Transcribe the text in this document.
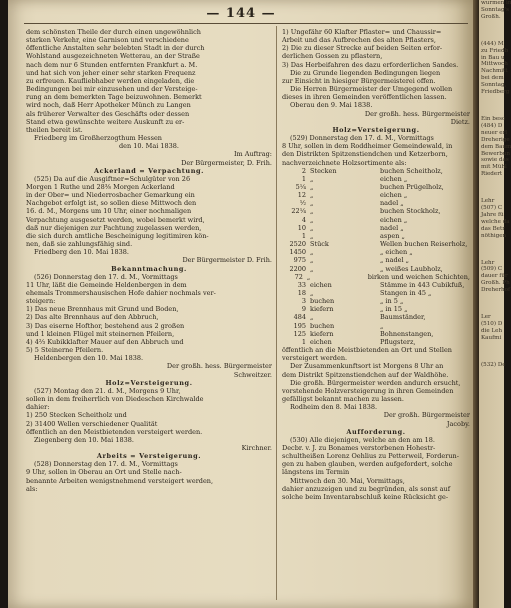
— 144 —
dem schönsten Theile der durch einen ungewöhnlich
starken Verkehr, eine Garnison und verschiedene
öffentliche Anstalten sehr belebten Stadt in der durch
Wohlstand ausgezeichneten Wetterau, an der Straße
nach dem nur 6 Stunden entfernten Frankfurt a. M.
und hat sich von jeher einer sehr starken Frequenz
zu erfreuen. Kaufliebhaber werden eingeladen, die
Bedingungen bei mir einzusehen und der Versteige-
rung an dem bemerkten Tage beizuwohnen. Bemerkt
wird noch, daß Herr Apotheker Münch zu Langen
als früherer Verwalter des Geschäfts oder dessen
Stand etwa gewünschte weitere Auskunft zu er-
theilen bereit ist.
Friedberg im Großherzogthum Hessen
den 10. Mai 1838.
Im Auftrag:
Der Bürgermeister, D. Frih.
Ackerland = Verpachtung.
(525) Da auf die Ausgiftner=Schulgüter von 26
Morgen 1 Ruthe und 28⅜ Morgen Ackerland
in der Ober= und Niederrosbacher Gemarkung ein
Nachgebot erfolgt ist, so sollen diese Mittwoch den
16. d. M., Morgens um 10 Uhr, einer nochmaligen
Verpachtung ausgesetzt werden, wobei bemerkt wird,
daß nur diejenigen zur Pachtung zugelassen werden,
die sich durch amtliche Bescheinigung legitimiren kön-
nen, daß sie zahlungsfähig sind.
Friedberg den 10. Mai 1838.
Der Bürgermeister D. Frih.
Bekanntmachung.
(526) Donnerstag den 17. d. M., Vormittags
11 Uhr, läßt die Gemeinde Heldenbergen in dem
ehemals Trommershausischen Hofe dahier nochmals ver-
steigern:
1) Das neue Brennhaus mit Grund und Boden,
2) Das alte Brennhaus auf den Abbruch,
3) Das eiserne Hofthor, bestehend aus 2 großen
und 1 kleinen Flügel mit steinernen Pfeilern,
4) 4⅔ Kubikklafter Mauer auf den Abbruch und
5) 5 Steinerne Pfeilern.
Heldenbergen den 10. Mai 1838.
Der großh. hess. Bürgermeister
Schweitzer.
Holz=Versteigerung.
(527) Montag den 21. d. M., Morgens 9 Uhr,
sollen in dem freiherrlich von Diedeschen Kirchwalde
dahier:
1) 250 Stecken Scheitholz und
2) 31400 Wellen verschiedener Qualität
öffentlich an den Meistbietenden versteigert werden.
Ziegenberg den 10. Mai 1838.
Kirchner.
Arbeits = Versteigerung.
(528) Donnerstag den 17. d. M., Vormittags
9 Uhr, sollen in Oberau an Ort und Stelle nach-
benannte Arbeiten wenigstnehmend versteigert werden,
als:
1) Ungefähr 60 Klafter Pflaster= und Chaussir=
Arbeit und das Aufbrechen des alten Pflasters,
2) Die zu dieser Strecke auf beiden Seiten erfor-
derlichen Gossen zu pflastern,
3) Das Herbeifahren des dazu erforderlichen Sandes.
Die zu Grunde liegenden Bedingungen liegen
zur Einsicht in hiesiger Bürgermeisterei offen.
Die Herren Bürgermeister der Umgegend wollen
dieses in ihren Gemeinden veröffentlichen lassen.
Oberau den 9. Mai 1838.
Der großh. hess. Bürgermeister
Dietz.
Holz=Versteigerung.
(529) Donnerstag den 17. d. M., Vormittags
8 Uhr, sollen in dem Roddheimer Gemeindewald, in
den Distrikten Spitzenstiendchen und Ketzerborn,
nachverzeichnete Holzsortimente als:
2 Stecken	buchen Scheitholz,
1 „	eichen „
5¼ „	buchen Prügelholz,
12 „	eichen „
½ „	nadel „
22¼ „	buchen Stockholz,
4 „	eichen „
10 „	nadel „
1 „	aspen „
2520 Stück	Wellen buchen Reiserholz,
1450 „	„ eichen „
975 „	„ nadel „
2200 „	„ weißes Laubholz,
72 „	birken und weichen Schichten,
33 eichen	Stämme in 443 Cubikfuß,
18 „	Stangen in 45 „
3 buchen	„ in 5 „
9 kiefern	„ in 15 „
484 „	Baumständer,
195 buchen	„
125 kiefern	Bohnenstangen,
1 eichen	Pflugsterz,
öffentlich an die Meistbietenden an Ort und Stellen
versteigert werden.
Der Zusammenkunftsort ist Morgens 8 Uhr an
dem Distrikt Spitzenstiendchen auf der Waldhöhe.
Die großh. Bürgermeister werden andurch ersucht,
vorstehende Holzversteigerung in ihren Gemeinden
gefälligst bekannt machen zu lassen.
Rodheim den 8. Mai 1838.
Der großh. Bürgermeister
Jacoby.
Aufforderung.
(530) Alle diejenigen, welche an den am 18.
Decbr. v. J. zu Bonames verstorbenen Hohestr-
schultheißen Lorenz Oehlius zu Petterweil, Forderun-
gen zu haben glauben, werden aufgefordert, solche
längstens im Termin
Mittwoch den 30. Mai, Vormittags,
dahier anzuzeigen und zu begründen, als sonst auf
solche beim Inventarabschluß keine Rücksicht ge-
wurmen in
Sonntag's
Großh.
(444) M
zu Friedb
in Bau u
Mittwoch
Nachmitt
bei dem
Sonntag,
Friedberg
Ein beso
(484) D
neuer erl
Dreherige
dem Baum
Bewerbun
sowie das
mit Mühl
Riedert
Lehr
(507) C
Jahre fü
welche da
das Betr
nöthigen
Lehr
(509) C
dauer für
Großh. Ph
Dreherhof
Ler
(510) D
die Leh
Kaufmi
(532) De
